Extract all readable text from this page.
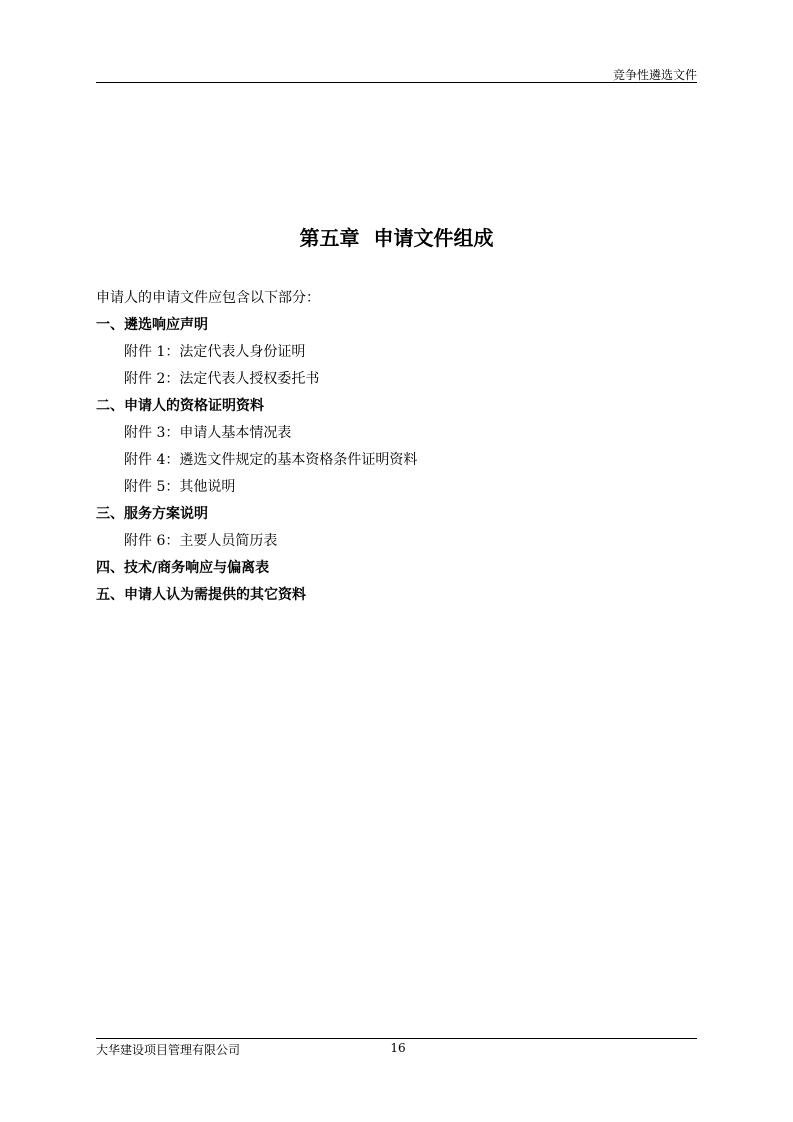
竞争性遴选文件
第五章  申请文件组成
申请人的申请文件应包含以下部分：
一、遴选响应声明
附件 1：法定代表人身份证明
附件 2：法定代表人授权委托书
二、申请人的资格证明资料
附件 3：申请人基本情况表
附件 4：遴选文件规定的基本资格条件证明资料
附件 5：其他说明
三、服务方案说明
附件 6：主要人员简历表
四、技术/商务响应与偏离表
五、申请人认为需提供的其它资料
大华建设项目管理有限公司	16
